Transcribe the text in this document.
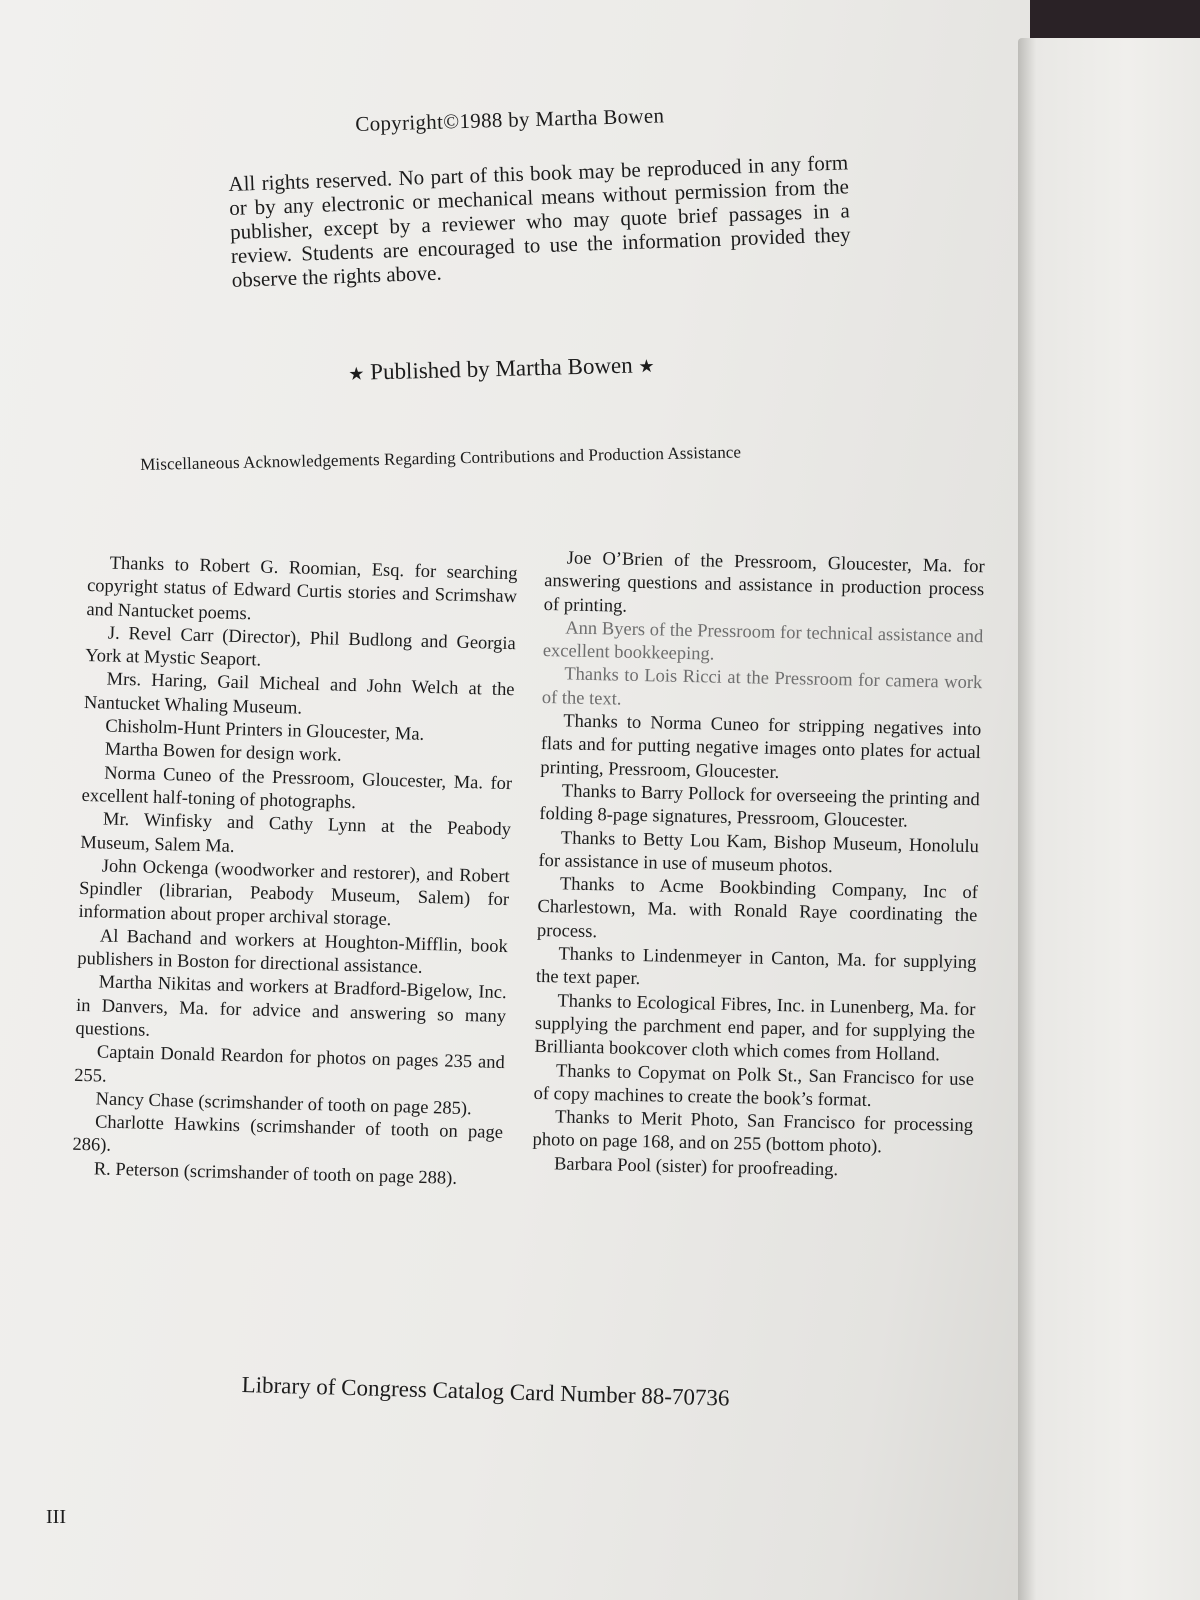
Copyright©1988 by Martha Bowen
All rights reserved. No part of this book may be reproduced in any form or by any electronic or mechanical means without permission from the publisher, except by a reviewer who may quote brief passages in a review. Students are encouraged to use the information provided they observe the rights above.
★ Published by Martha Bowen ★
Miscellaneous Acknowledgements Regarding Contributions and Production Assistance

Thanks to Robert G. Roomian, Esq. for searching copyright status of Edward Curtis stories and Scrimshaw and Nantucket poems.

J. Revel Carr (Director), Phil Budlong and Georgia York at Mystic Seaport.

Mrs. Haring, Gail Micheal and John Welch at the Nantucket Whaling Museum.

Chisholm-Hunt Printers in Gloucester, Ma.

Martha Bowen for design work.

Norma Cuneo of the Pressroom, Gloucester, Ma. for excellent half-toning of photographs.

Mr. Winfisky and Cathy Lynn at the Peabody Museum, Salem Ma.

John Ockenga (woodworker and restorer), and Robert Spindler (librarian, Peabody Museum, Salem) for information about proper archival storage.

Al Bachand and workers at Houghton-Mifflin, book publishers in Boston for directional assistance.

Martha Nikitas and workers at Bradford-Bigelow, Inc. in Danvers, Ma. for advice and answering so many questions.

Captain Donald Reardon for photos on pages 235 and 255.

Nancy Chase (scrimshander of tooth on page 285).

Charlotte Hawkins (scrimshander of tooth on page 286).

R. Peterson (scrimshander of tooth on page 288).

Joe O’Brien of the Pressroom, Gloucester, Ma. for answering questions and assistance in production process of printing.

Ann Byers of the Pressroom for technical assistance and excellent bookkeeping.

Thanks to Lois Ricci at the Pressroom for camera work of the text.

Thanks to Norma Cuneo for stripping negatives into flats and for putting negative images onto plates for actual printing, Pressroom, Gloucester.

Thanks to Barry Pollock for overseeing the printing and folding 8-page signatures, Pressroom, Gloucester.

Thanks to Betty Lou Kam, Bishop Museum, Honolulu for assistance in use of museum photos.

Thanks to Acme Bookbinding Company, Inc of Charlestown, Ma. with Ronald Raye coordinating the process.

Thanks to Lindenmeyer in Canton, Ma. for supplying the text paper.

Thanks to Ecological Fibres, Inc. in Lunenberg, Ma. for supplying the parchment end paper, and for supplying the Brillianta bookcover cloth which comes from Holland.

Thanks to Copymat on Polk St., San Francisco for use of copy machines to create the book’s format.

Thanks to Merit Photo, San Francisco for processing photo on page 168, and on 255 (bottom photo).

Barbara Pool (sister) for proofreading.

Library of Congress Catalog Card Number 88-70736
III
